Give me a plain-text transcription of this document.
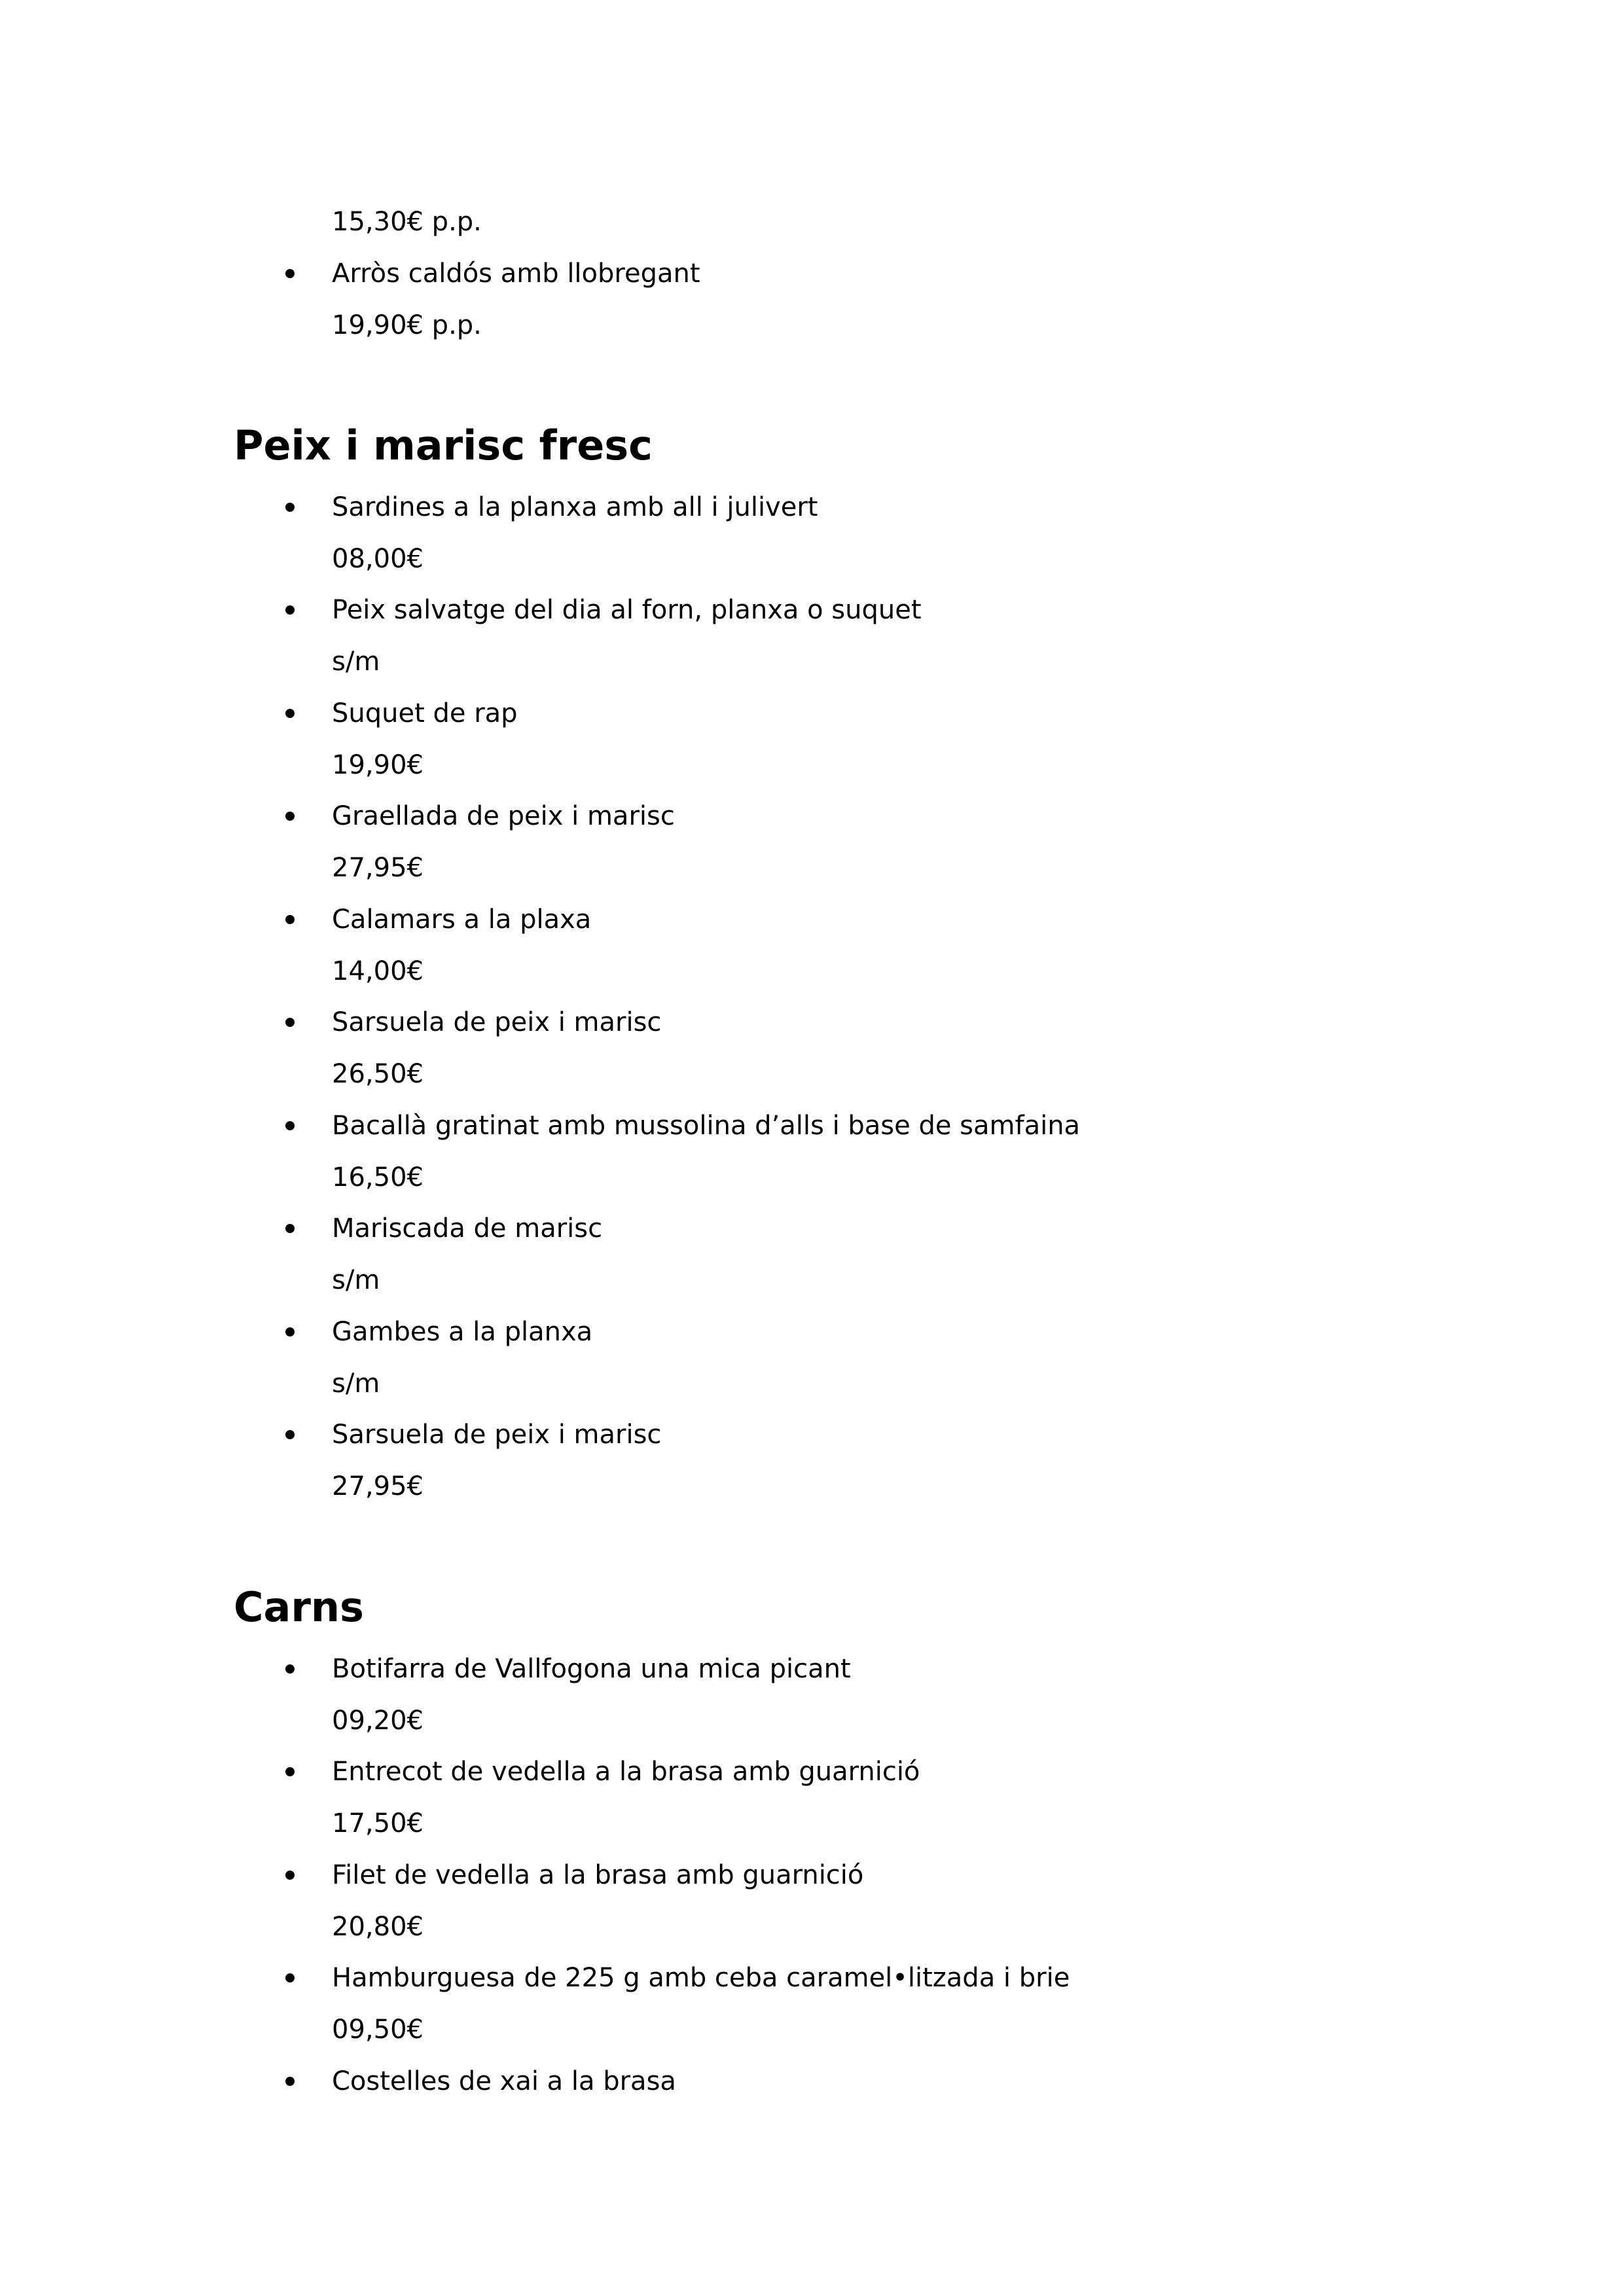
15,30€ p.p.

Arròs caldós amb llobregant

19,90€ p.p.

Peix i marisc fresc

Sardines a la planxa amb all i julivert

08,00€

Peix salvatge del dia al forn, planxa o suquet

s/m

Suquet de rap

19,90€

Graellada de peix i marisc

27,95€

Calamars a la plaxa

14,00€

Sarsuela de peix i marisc

26,50€

Bacallà gratinat amb mussolina d’alls i base de samfaina

16,50€

Mariscada de marisc

s/m

Gambes a la planxa

s/m

Sarsuela de peix i marisc

27,95€

Carns

Botifarra de Vallfogona una mica picant

09,20€

Entrecot de vedella a la brasa amb guarnició

17,50€

Filet de vedella a la brasa amb guarnició

20,80€

Hamburguesa de 225 g amb ceba caramel•litzada i brie

09,50€

Costelles de xai a la brasa
